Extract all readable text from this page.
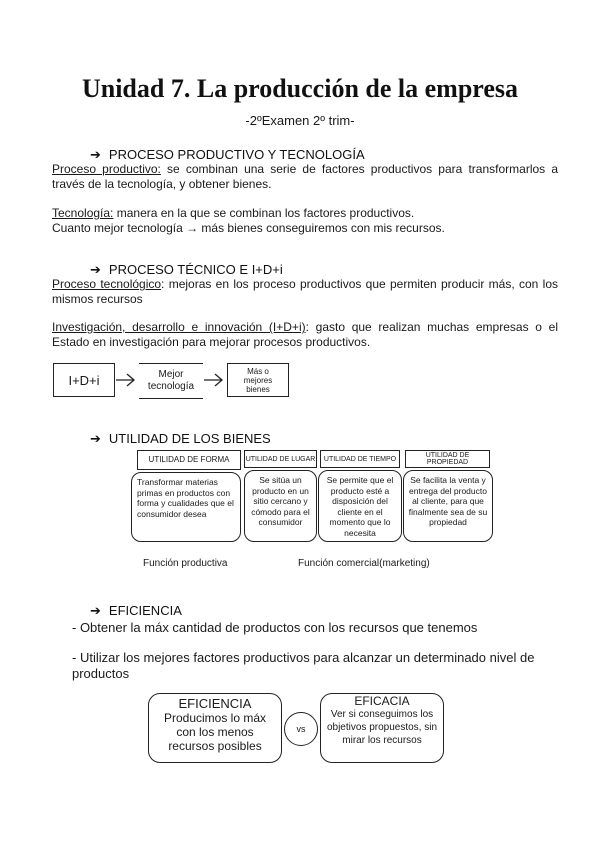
Unidad 7. La producción de la empresa
-2ºExamen 2º trim-
➔ PROCESO PRODUCTIVO Y TECNOLOGÍA
Proceso productivo: se combinan una serie de factores productivos para transformarlos a través de la tecnología, y obtener bienes.
Tecnología: manera en la que se combinan los factores productivos.
Cuanto mejor tecnología → más bienes conseguiremos con mis recursos.
➔ PROCESO TÉCNICO E I+D+i
Proceso tecnológico: mejoras en los proceso productivos que permiten producir más, con los mismos recursos
Investigación, desarrollo e innovación (I+D+i): gasto que realizan muchas empresas o el Estado en investigación para mejorar procesos productivos.
I+D+i	Mejor tecnología
Más o mejores bienes
➔ UTILIDAD DE LOS BIENES
UTILIDAD DE FORMA
Transformar materias primas en productos con forma y cualidades que el consumidor desea
UTILIDAD DE LUGAR
Se sitúa un producto en un sitio cercano y cómodo para el consumidor
UTILIDAD DE TIEMPO
Se permite que el producto esté a disposición del cliente en el momento que lo necesita
UTILIDAD DE PROPIEDAD
Se facilita la venta y entrega del producto al cliente, para que finalmente sea de su propiedad
Función productiva	Función comercial(marketing)
➔ EFICIENCIA
- Obtener la máx cantidad de productos con los recursos que tenemos
- Utilizar los mejores factores productivos para alcanzar un determinado nivel de productos
EFICIENCIA
Producimos lo máx con los menos recursos posibles
vs
EFICACIA
Ver si conseguimos los objetivos propuestos, sin mirar los recursos
